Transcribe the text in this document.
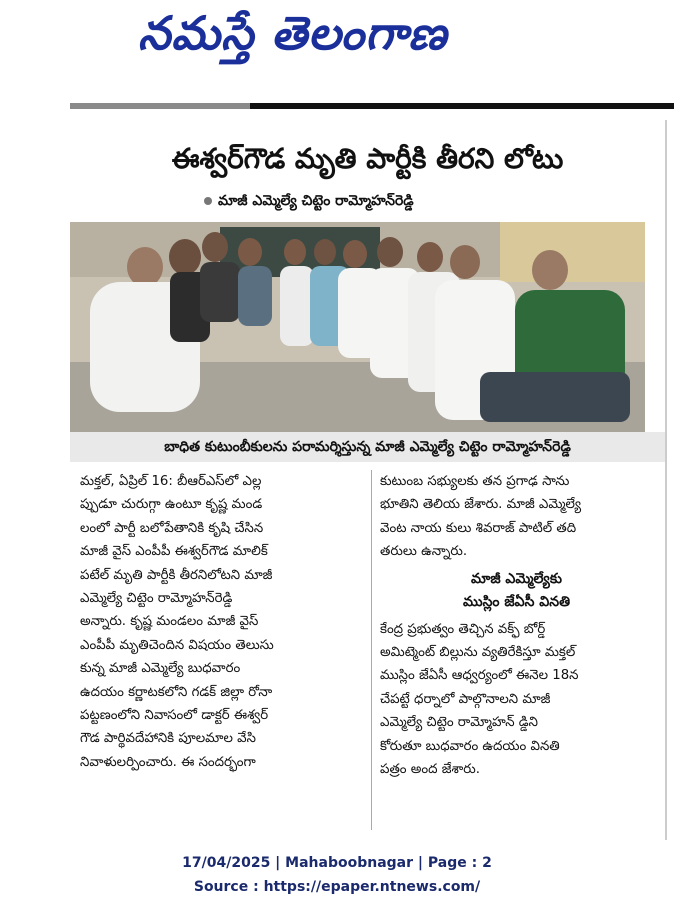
నమస్తే తెలంగాణ
ఈశ్వర్‌గౌడ మృతి పార్టీకి తీరని లోటు
మాజీ ఎమ్మెల్యే చిట్టెం రామ్మోహన్‌రెడ్డి
బాధిత కుటుంబీకులను పరామర్శిస్తున్న మాజీ ఎమ్మెల్యే చిట్టెం రామ్మోహన్‌రెడ్డి

మక్తల్‌, ఏప్రిల్‌ 16: బీఆర్‌ఎస్‌లో ఎల్ల

ప్పుడూ చురుగ్గా ఉంటూ కృష్ణ మండ

లంలో పార్టీ బలోపేతానికి కృషి చేసిన

మాజీ వైస్‌ ఎంపీపీ ఈశ్వర్‌గౌడ మాలిక్‌

పటేల్‌ మృతి పార్టీకి తీరనిలోటని మాజీ

ఎమ్మెల్యే చిట్టెం రామ్మోహన్‌రెడ్డి

అన్నారు. కృష్ణ మండలం మాజీ వైస్‌

ఎంపీపీ మృతిచెందిన విషయం తెలుసు

కున్న మాజీ ఎమ్మెల్యే బుధవారం

ఉదయం కర్ణాటకలోని గడక్‌ జిల్లా రోనా

పట్టణంలోని నివాసంలో డాక్టర్‌ ఈశ్వర్‌

గౌడ పార్థివదేహానికి పూలమాల వేసి

నివాళులర్పించారు. ఈ సందర్భంగా

కుటుంబ సభ్యులకు తన ప్రగాఢ సాను

భూతిని తెలియ జేశారు. మాజీ ఎమ్మెల్యే

వెంట నాయ కులు శివరాజ్‌ పాటిల్‌ తది

తరులు ఉన్నారు.

మాజీ ఎమ్మెల్యేకు
ముస్లిం జేఏసీ వినతి

కేంద్ర ప్రభుత్వం తెచ్చిన వక్ఫ్‌ బోర్డ్‌

అమిట్మెంట్‌ బిల్లును వ్యతిరేకిస్తూ మక్తల్‌

ముస్లిం జేఏసీ ఆధ్వర్యంలో ఈనెల 18న

చేపట్టే ధర్నాలో పాల్గొనాలని మాజీ

ఎమ్మెల్యే చిట్టెం రామ్మోహన్ డ్డిని

కోరుతూ బుధవారం ఉదయం వినతి

పత్రం అంద జేశారు.

17/04/2025 | Mahaboobnagar | Page : 2
Source : https://epaper.ntnews.com/
